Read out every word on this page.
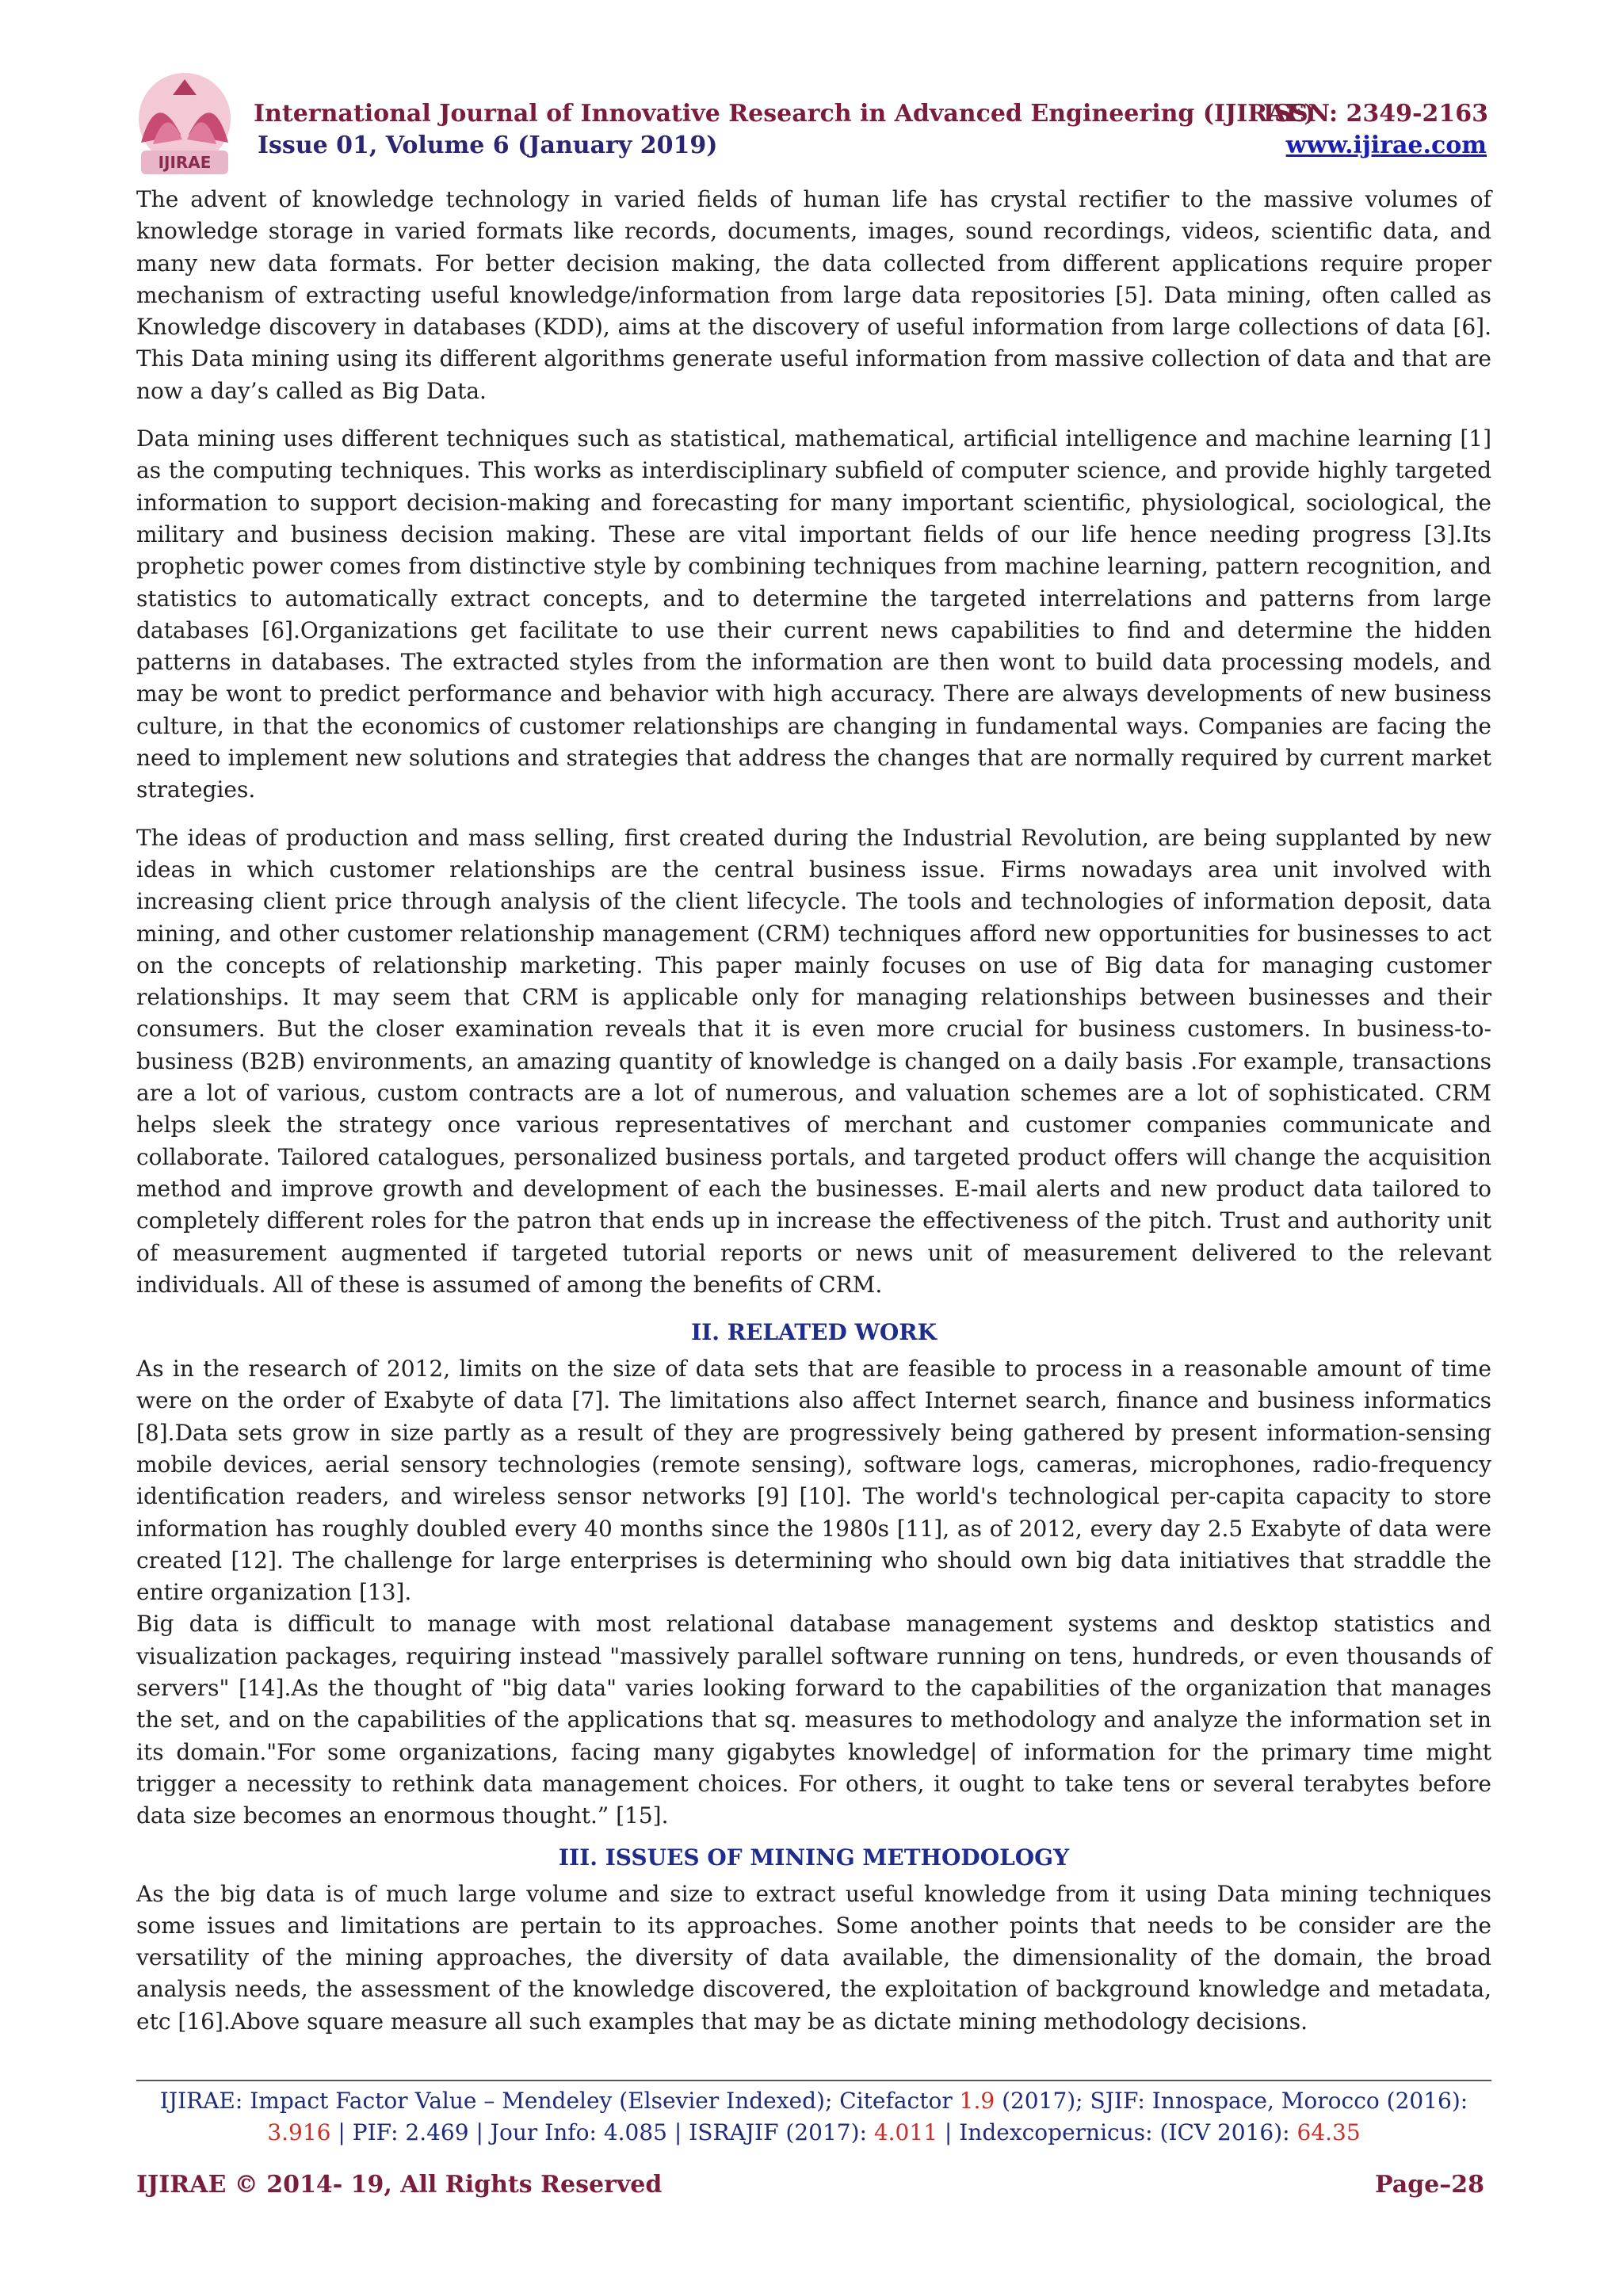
IJIRAE
International Journal of Innovative Research in Advanced Engineering (IJIRAE)
ISSN: 2349-2163
Issue 01, Volume 6 (January 2019)	www.ijirae.com

The advent of knowledge technology in varied fields of human life has crystal rectifier to the massive volumes of knowledge storage in varied formats like records, documents, images, sound recordings, videos, scientific data, and many new data formats. For better decision making, the data collected from different applications require proper mechanism of extracting useful knowledge/information from large data repositories [5]. Data mining, often called as Knowledge discovery in databases (KDD), aims at the discovery of useful information from large collections of data [6]. This Data mining using its different algorithms generate useful information from massive collection of data and that are now a day’s called as Big Data.

Data mining uses different techniques such as statistical, mathematical, artificial intelligence and machine learning [1] as the computing techniques. This works as interdisciplinary subfield of computer science, and provide highly targeted information to support decision-making and forecasting for many important scientific, physiological, sociological, the military and business decision making. These are vital important fields of our life hence needing progress [3].Its prophetic power comes from distinctive style by combining techniques from machine learning, pattern recognition, and statistics to automatically extract concepts, and to determine the targeted interrelations and patterns from large databases [6].Organizations get facilitate to use their current news capabilities to find and determine the hidden patterns in databases. The extracted styles from the information are then wont to build data processing models, and may be wont to predict performance and behavior with high accuracy. There are always developments of new business culture, in that the economics of customer relationships are changing in fundamental ways. Companies are facing the need to implement new solutions and strategies that address the changes that are normally required by current market strategies.

The ideas of production and mass selling, first created during the Industrial Revolution, are being supplanted by new ideas in which customer relationships are the central business issue. Firms nowadays area unit involved with increasing client price through analysis of the client lifecycle. The tools and technologies of information deposit, data mining, and other customer relationship management (CRM) techniques afford new opportunities for businesses to act on the concepts of relationship marketing. This paper mainly focuses on use of Big data for managing customer relationships. It may seem that CRM is applicable only for managing relationships between businesses and their consumers. But the closer examination reveals that it is even more crucial for business customers. In business-to-business (B2B) environments, an amazing quantity of knowledge is changed on a daily basis .For example, transactions are a lot of various, custom contracts are a lot of numerous, and valuation schemes are a lot of sophisticated. CRM helps sleek the strategy once various representatives of merchant and customer companies communicate and collaborate. Tailored catalogues, personalized business portals, and targeted product offers will change the acquisition method and improve growth and development of each the businesses. E-mail alerts and new product data tailored to completely different roles for the patron that ends up in increase the effectiveness of the pitch. Trust and authority unit of measurement augmented if targeted tutorial reports or news unit of measurement delivered to the relevant individuals. All of these is assumed of among the benefits of CRM.

II. RELATED WORK

As in the research of 2012, limits on the size of data sets that are feasible to process in a reasonable amount of time were on the order of Exabyte of data [7]. The limitations also affect Internet search, finance and business informatics [8].Data sets grow in size partly as a result of they are progressively being gathered by present information-sensing mobile devices, aerial sensory technologies (remote sensing), software logs, cameras, microphones, radio-frequency identification readers, and wireless sensor networks [9] [10]. The world's technological per-capita capacity to store information has roughly doubled every 40 months since the 1980s [11], as of 2012, every day 2.5 Exabyte of data were created [12]. The challenge for large enterprises is determining who should own big data initiatives that straddle the entire organization [13].

Big data is difficult to manage with most relational database management systems and desktop statistics and visualization packages, requiring instead "massively parallel software running on tens, hundreds, or even thousands of servers" [14].As the thought of "big data" varies looking forward to the capabilities of the organization that manages the set, and on the capabilities of the applications that sq. measures to methodology and analyze the information set in its domain."For some organizations, facing many gigabytes knowledge| of information for the primary time might trigger a necessity to rethink data management choices. For others, it ought to take tens or several terabytes before data size becomes an enormous thought.” [15].

III. ISSUES OF MINING METHODOLOGY

As the big data is of much large volume and size to extract useful knowledge from it using Data mining techniques some issues and limitations are pertain to its approaches. Some another points that needs to be consider are the versatility of the mining approaches, the diversity of data available, the dimensionality of the domain, the broad analysis needs, the assessment of the knowledge discovered, the exploitation of background knowledge and metadata, etc [16].Above square measure all such examples that may be as dictate mining methodology decisions.

IJIRAE: Impact Factor Value – Mendeley (Elsevier Indexed); Citefactor 1.9 (2017); SJIF: Innospace, Morocco (2016): 3.916 | PIF: 2.469 | Jour Info: 4.085 | ISRAJIF (2017): 4.011 | Indexcopernicus: (ICV 2016): 64.35
IJIRAE © 2014- 19, All Rights Reserved	Page–28
